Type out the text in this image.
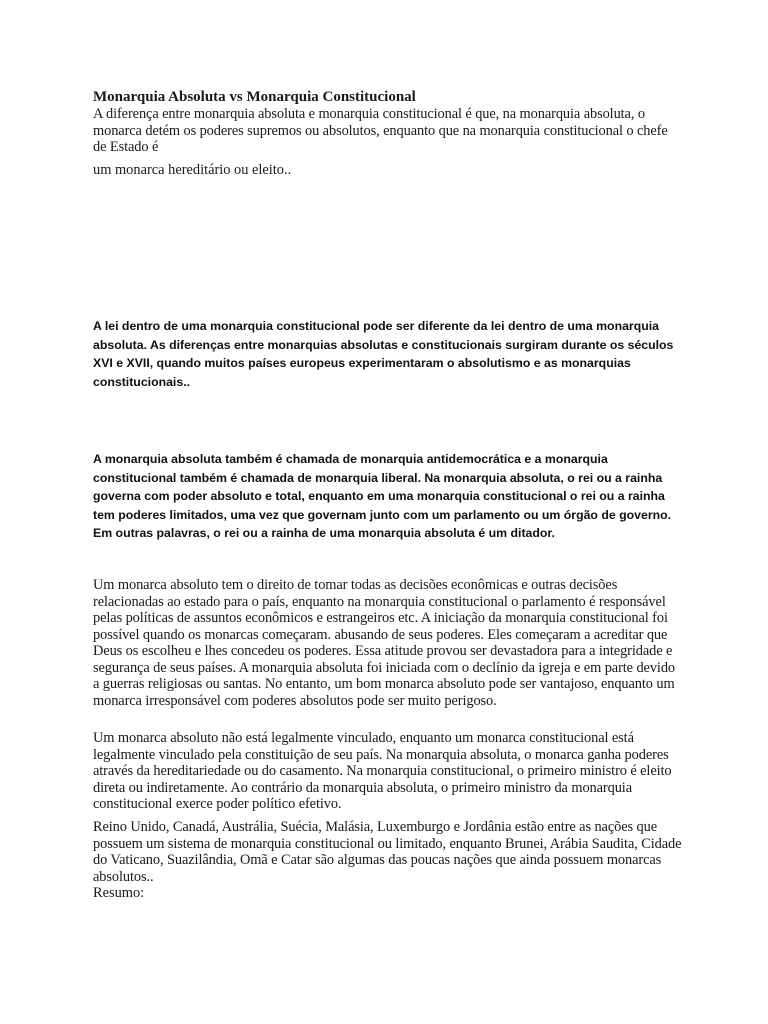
Monarquia Absoluta vs Monarquia Constitucional

A diferença entre monarquia absoluta e monarquia constitucional é que, na monarquia absoluta, o monarca detém os poderes supremos ou absolutos, enquanto que na monarquia constitucional o chefe de Estado é

um monarca hereditário ou eleito..

A lei dentro de uma monarquia constitucional pode ser diferente da lei dentro de uma monarquia absoluta. As diferenças entre monarquias absolutas e constitucionais surgiram durante os séculos XVI e XVII, quando muitos países europeus experimentaram o absolutismo e as monarquias constitucionais..

A monarquia absoluta também é chamada de monarquia antidemocrática e a monarquia constitucional também é chamada de monarquia liberal. Na monarquia absoluta, o rei ou a rainha governa com poder absoluto e total, enquanto em uma monarquia constitucional o rei ou a rainha tem poderes limitados, uma vez que governam junto com um parlamento ou um órgão de governo. Em outras palavras, o rei ou a rainha de uma monarquia absoluta é um ditador.

Um monarca absoluto tem o direito de tomar todas as decisões econômicas e outras decisões relacionadas ao estado para o país, enquanto na monarquia constitucional o parlamento é responsável pelas políticas de assuntos econômicos e estrangeiros etc. A iniciação da monarquia constitucional foi possível quando os monarcas começaram. abusando de seus poderes. Eles começaram a acreditar que Deus os escolheu e lhes concedeu os poderes. Essa atitude provou ser devastadora para a integridade e segurança de seus países. A monarquia absoluta foi iniciada com o declínio da igreja e em parte devido a guerras religiosas ou santas. No entanto, um bom monarca absoluto pode ser vantajoso, enquanto um monarca irresponsável com poderes absolutos pode ser muito perigoso.

Um monarca absoluto não está legalmente vinculado, enquanto um monarca constitucional está legalmente vinculado pela constituição de seu país. Na monarquia absoluta, o monarca ganha poderes através da hereditariedade ou do casamento. Na monarquia constitucional, o primeiro ministro é eleito direta ou indiretamente. Ao contrário da monarquia absoluta, o primeiro ministro da monarquia constitucional exerce poder político efetivo.

Reino Unido, Canadá, Austrália, Suécia, Malásia, Luxemburgo e Jordânia estão entre as nações que possuem um sistema de monarquia constitucional ou limitado, enquanto Brunei, Arábia Saudita, Cidade do Vaticano, Suazilândia, Omã e Catar são algumas das poucas nações que ainda possuem monarcas absolutos..

Resumo:
